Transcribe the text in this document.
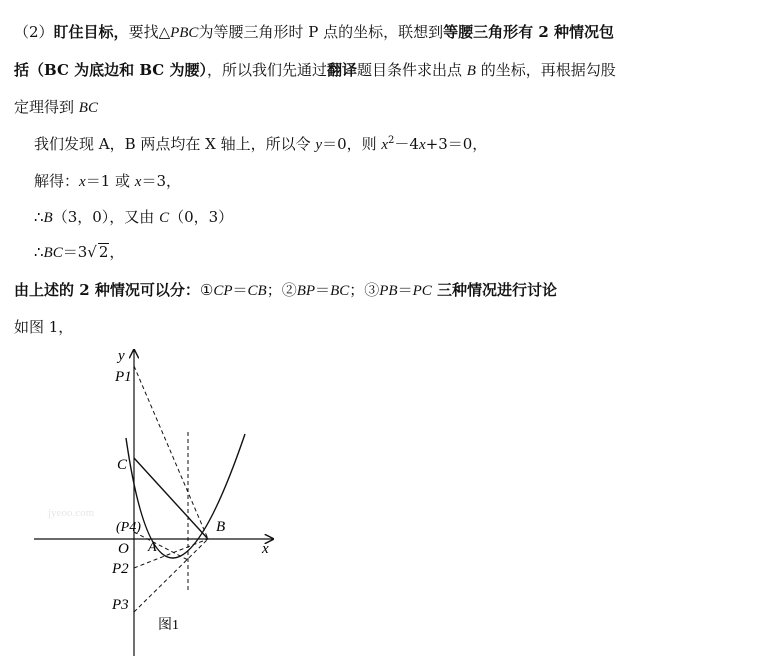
（2）盯住目标，要找△PBC为等腰三角形时 P 点的坐标，联想到等腰三角形有 2 种情况包
括（BC 为底边和 BC 为腰），所以我们先通过翻译题目条件求出点 B 的坐标，再根据勾股
定理得到 BC
我们发现 A，B 两点均在 X 轴上，所以令 y＝0，则 $x^2-4x+3=0$，
解得：x＝1 或 x＝3，
∴B（3，0），又由 C（0，3）
∴BC＝3√ 2，
由上述的 2 种情况可以分：①CP＝CB；②BP＝BC；③PB＝PC 三种情况进行讨论
如图 1，
jyeoo.com
y
x
P1
C
(P4)	B
O A
P2
P3
图1
